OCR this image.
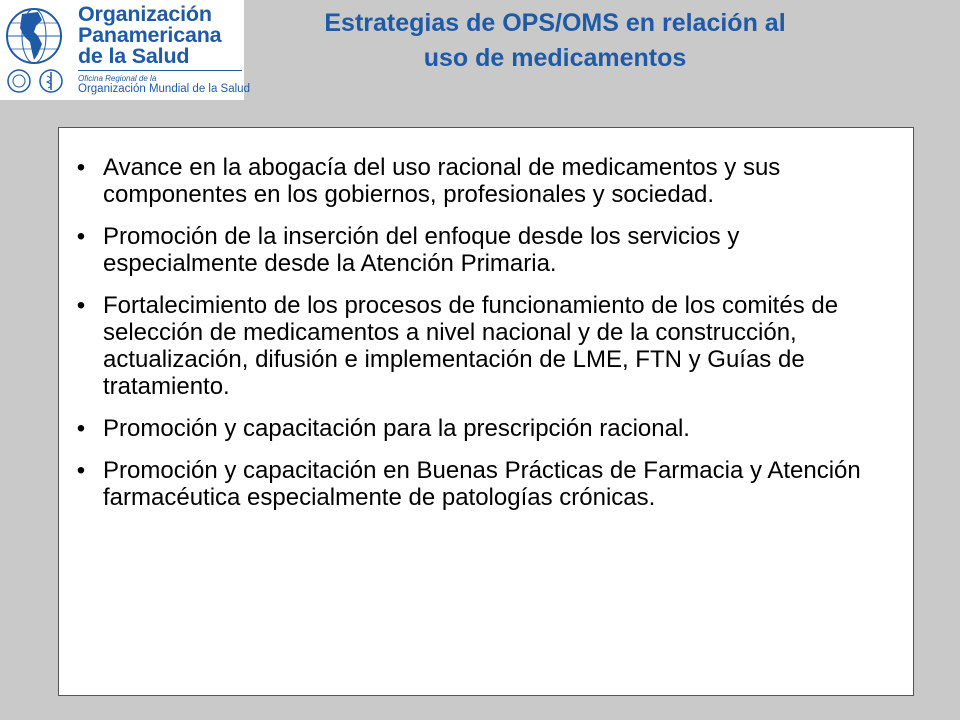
Organización
Panamericana
de la Salud
Oficina Regional de la
Organización Mundial de la Salud
Estrategias de OPS/OMS en relación al
uso de medicamentos
• Avance en la abogacía del uso racional de medicamentos y sus componentes en los gobiernos, profesionales y sociedad.
• Promoción de la inserción del enfoque desde los servicios y especialmente desde la Atención Primaria.
• Fortalecimiento de los procesos de funcionamiento de los comités de selección de medicamentos a nivel nacional y de la construcción, actualización, difusión e implementación de LME, FTN y Guías de tratamiento.
• Promoción y capacitación para la prescripción racional.
• Promoción y capacitación en Buenas Prácticas de Farmacia y Atención farmacéutica especialmente de patologías crónicas.
